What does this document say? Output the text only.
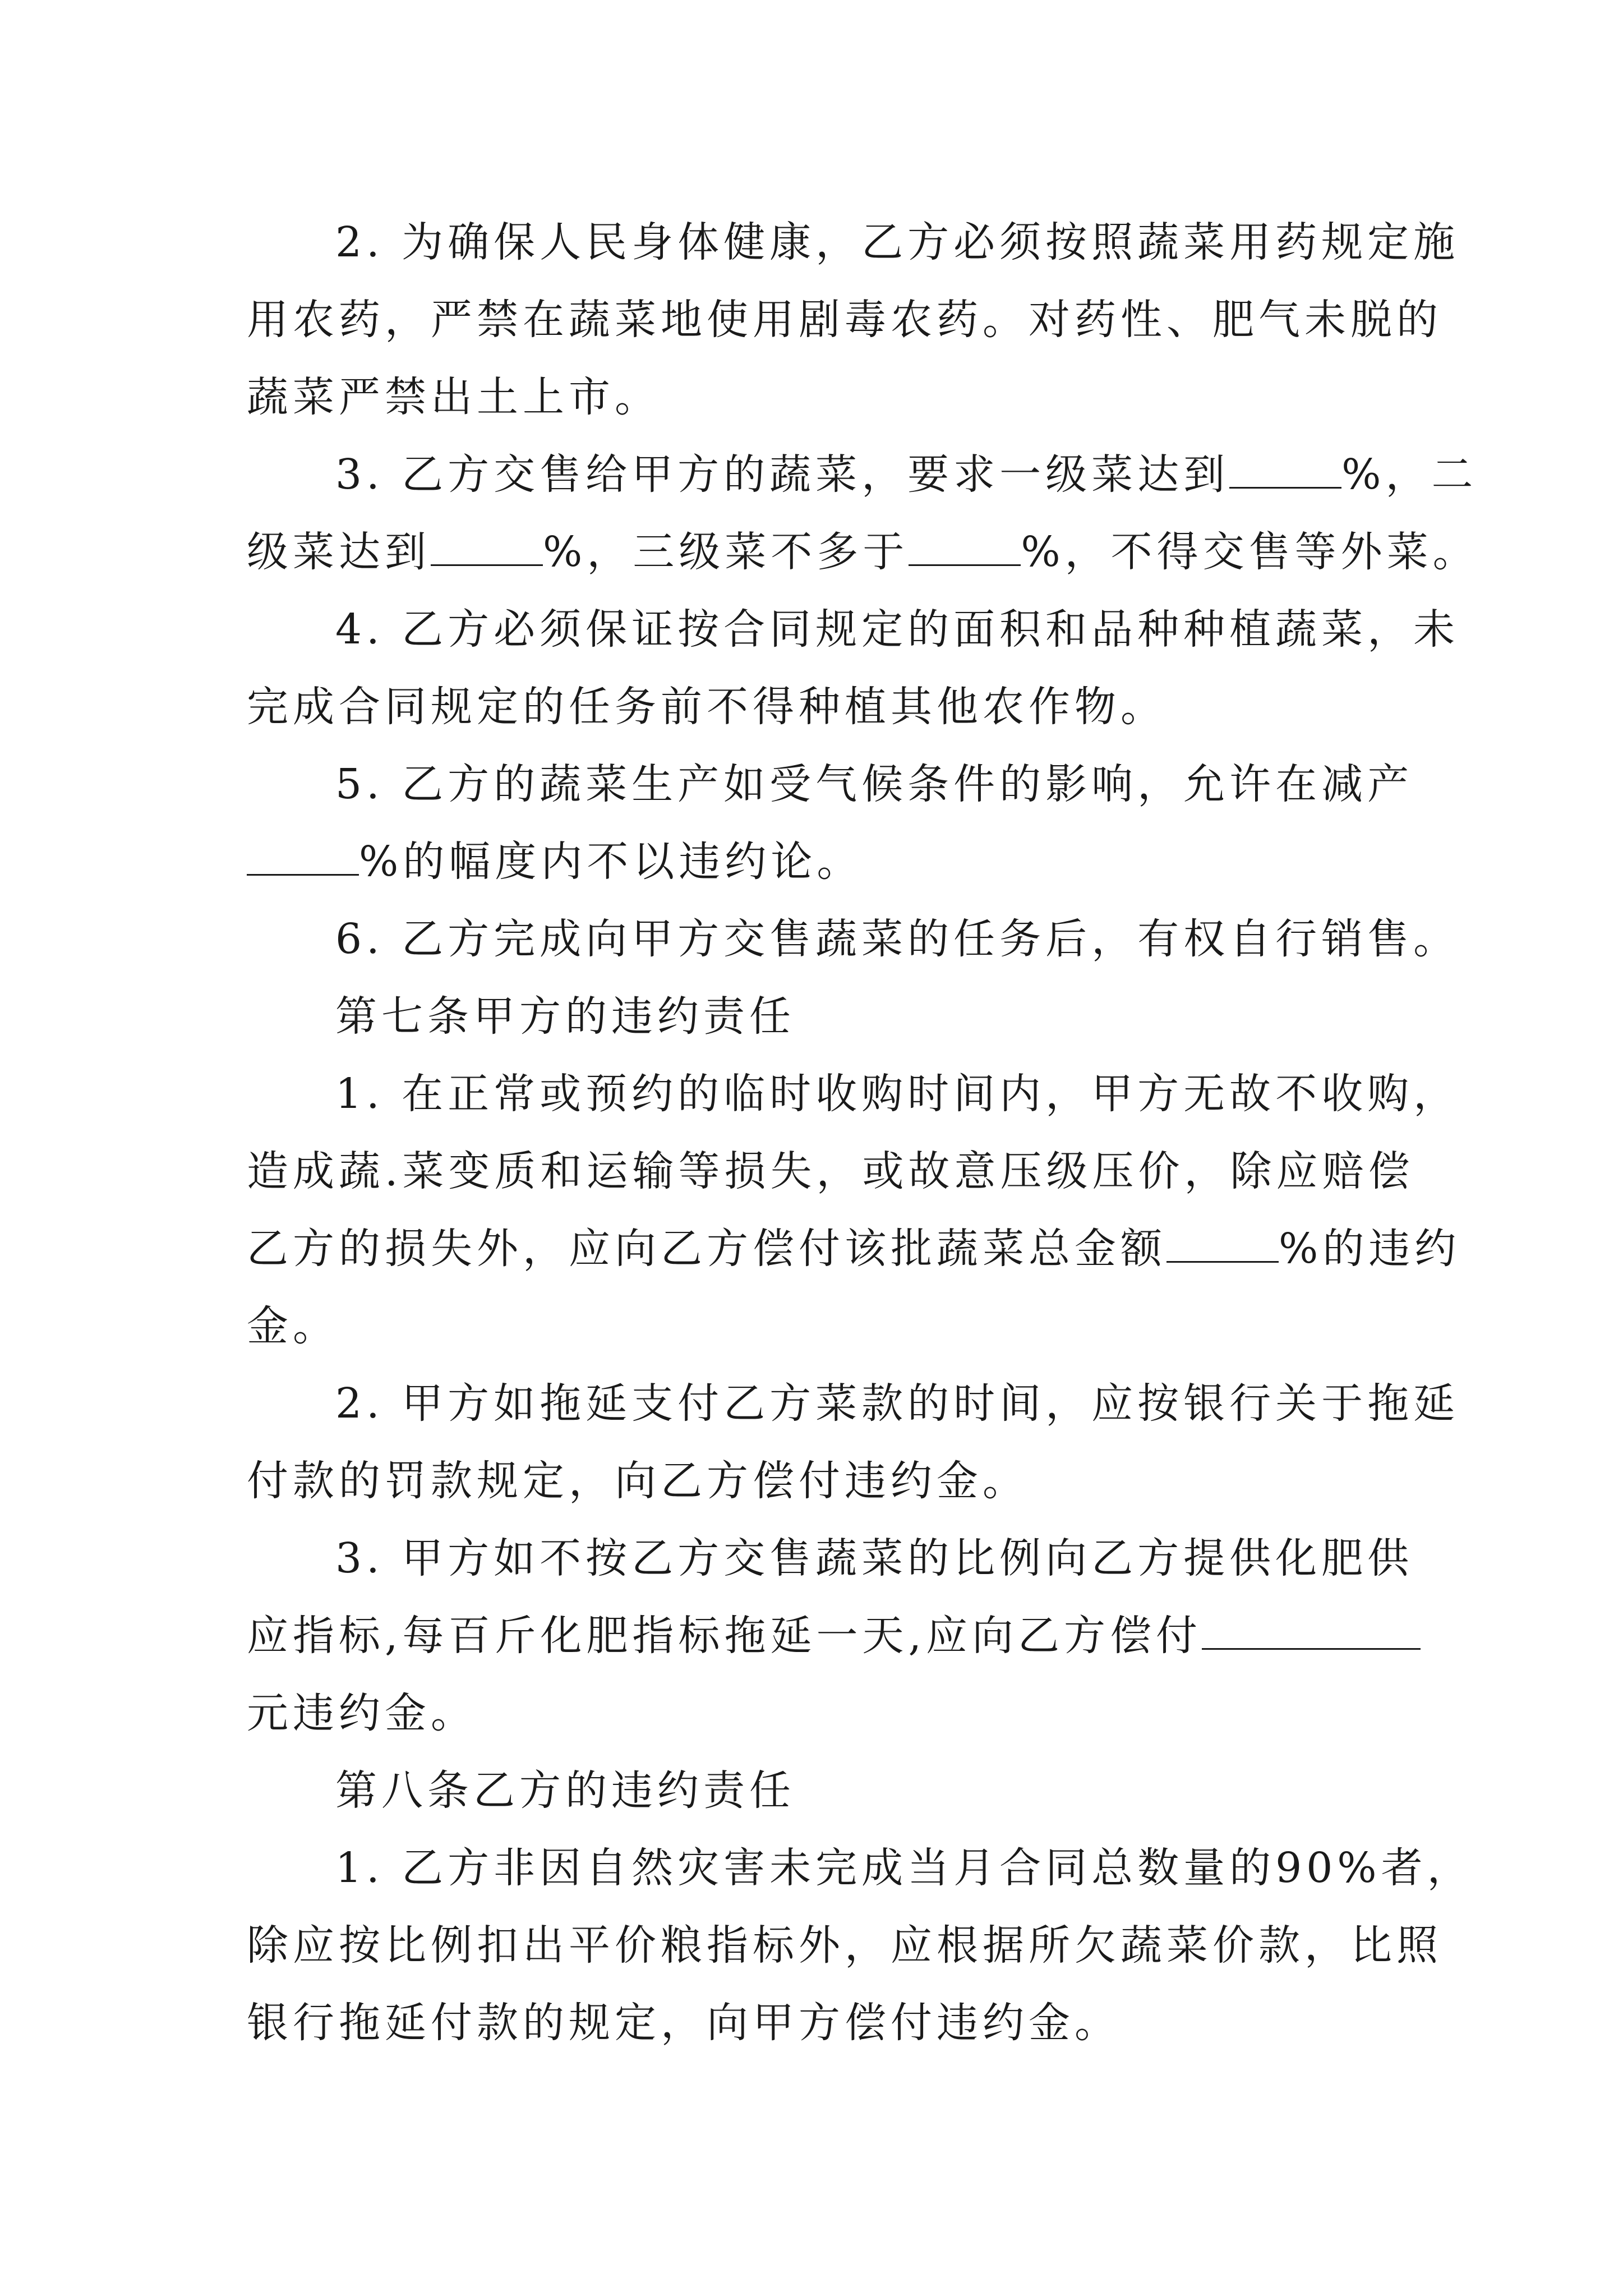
2. 为确保人民身体健康，乙方必须按照蔬菜用药规定施
用农药，严禁在蔬菜地使用剧毒农药。对药性、肥气未脱的
蔬菜严禁出土上市。
3. 乙方交售给甲方的蔬菜，要求一级菜达到	%，二
级菜达到	%，三级菜不多于	%，不得交售等外菜。
4. 乙方必须保证按合同规定的面积和品种种植蔬菜，未
完成合同规定的任务前不得种植其他农作物。
5. 乙方的蔬菜生产如受气候条件的影响，允许在减产
%的幅度内不以违约论。
6. 乙方完成向甲方交售蔬菜的任务后，有权自行销售。
第七条甲方的违约责任
1. 在正常或预约的临时收购时间内，甲方无故不收购，
造成蔬.菜变质和运输等损失，或故意压级压价，除应赔偿
乙方的损失外，应向乙方偿付该批蔬菜总金额	%的违约
金。
2. 甲方如拖延支付乙方菜款的时间，应按银行关于拖延
付款的罚款规定，向乙方偿付违约金。
3. 甲方如不按乙方交售蔬菜的比例向乙方提供化肥供
应指标,每百斤化肥指标拖延一天,应向乙方偿付
元违约金。
第八条乙方的违约责任
1. 乙方非因自然灾害未完成当月合同总数量的90%者，
除应按比例扣出平价粮指标外，应根据所欠蔬菜价款，比照
银行拖延付款的规定，向甲方偿付违约金。
